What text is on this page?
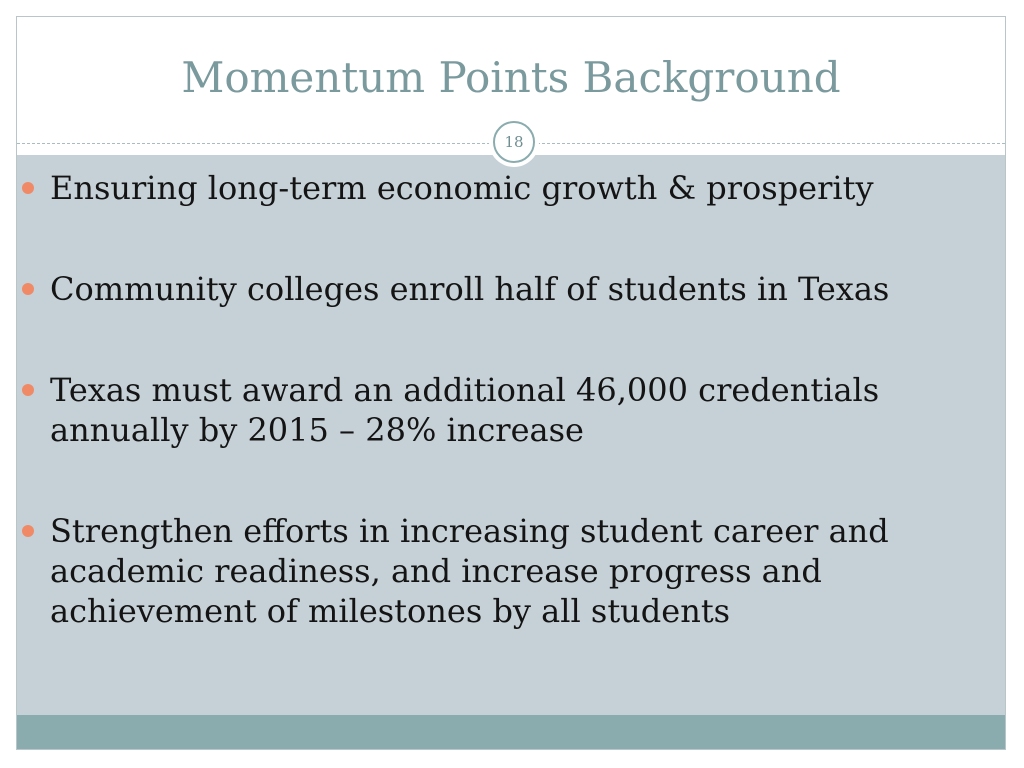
Momentum Points Background
18
Ensuring long-term economic growth & prosperity
Community colleges enroll half of students in Texas
Texas must award an additional 46,000 credentials annually by 2015 – 28% increase
Strengthen efforts in increasing student career and academic readiness, and increase progress and achievement of milestones by all students
